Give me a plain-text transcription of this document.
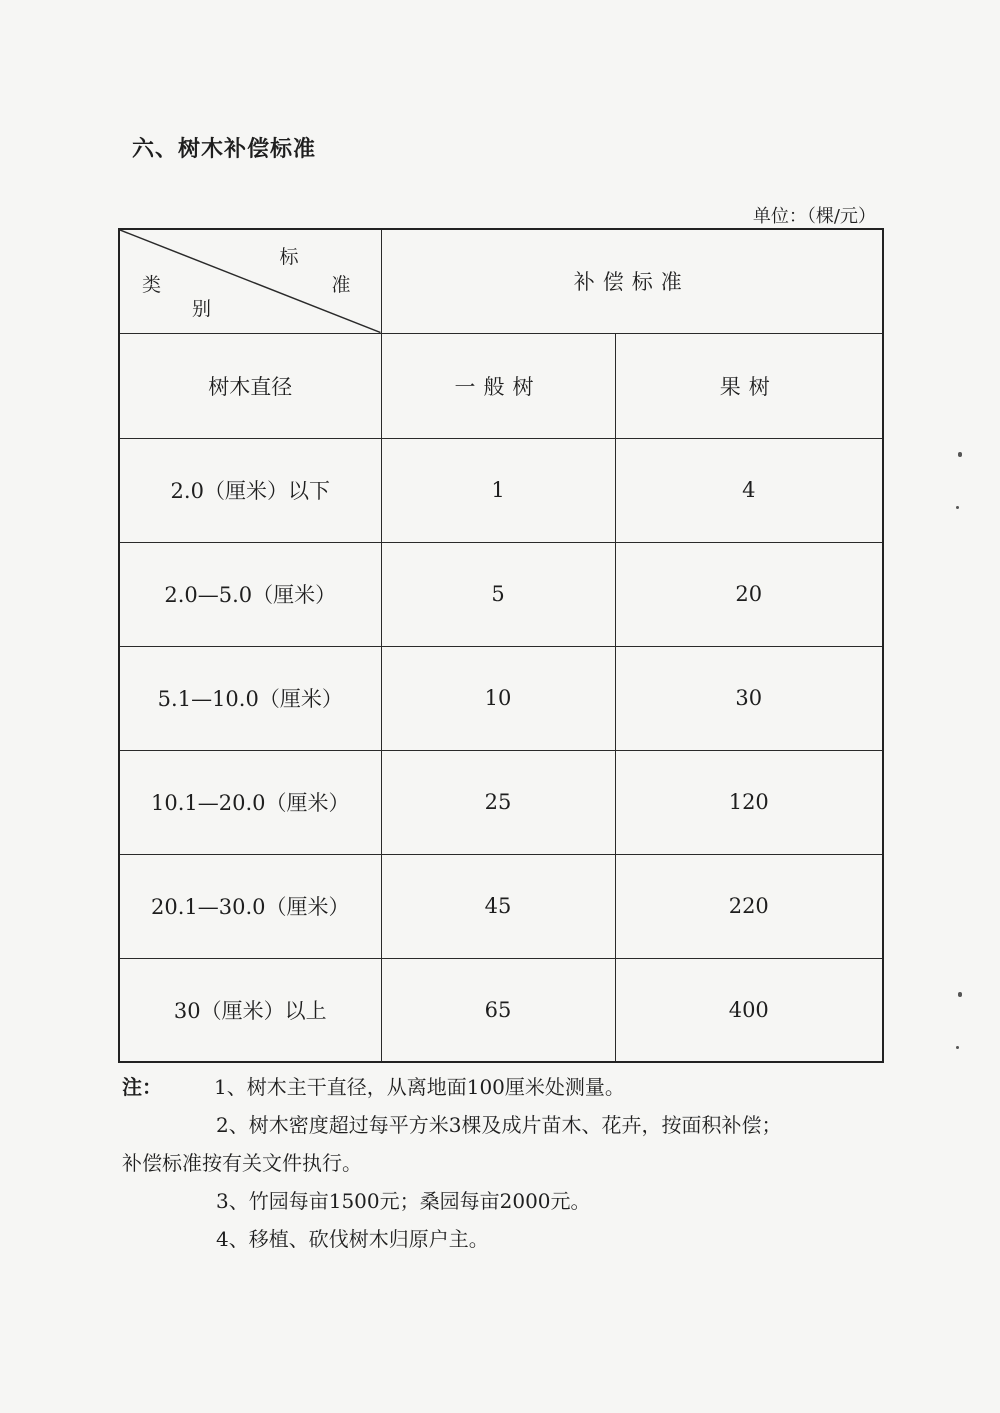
六、树木补偿标准
单位：（棵/元）
标
准
类
别	补偿标准	
树木直径	一般树	果树
2.0（厘米）以下	1	4
2.0—5.0（厘米）	5	20
5.1—10.0（厘米）	10	30
10.1—20.0（厘米）	25	120
20.1—30.0（厘米）	45	220
30（厘米）以上	65	400
注：	1、树木主干直径，从离地面100厘米处测量。
2、树木密度超过每平方米3棵及成片苗木、花卉，按面积补偿；
补偿标准按有关文件执行。
3、竹园每亩1500元；桑园每亩2000元。
4、移植、砍伐树木归原户主。
